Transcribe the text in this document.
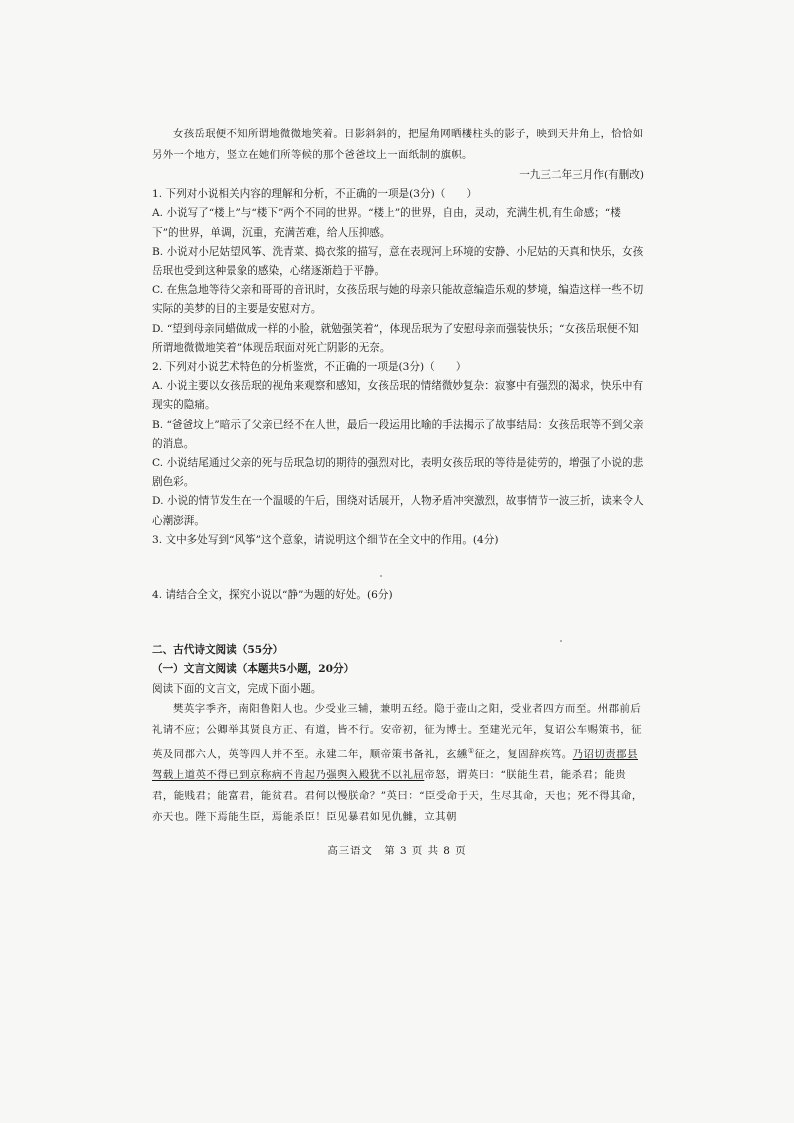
女孩岳珉便不知所谓地微微地笑着。日影斜斜的，把屋角网晒楼柱头的影子，映到天井角上，恰恰如另外一个地方，竖立在她们所等候的那个爸爸坟上一面纸制的旗帜。

一九三二年三月作(有删改)

1. 下列对小说相关内容的理解和分析，不正确的一项是(3分)（　　）

A. 小说写了“楼上”与“楼下”两个不同的世界。“楼上”的世界，自由，灵动，充满生机,有生命感；“楼下”的世界，单调，沉重，充满苦难，给人压抑感。

B. 小说对小尼姑望风筝、洗青菜、捣衣浆的描写，意在表现河上环境的安静、小尼姑的天真和快乐，女孩岳珉也受到这种景象的感染，心绪逐渐趋于平静。

C. 在焦急地等待父亲和哥哥的音讯时，女孩岳珉与她的母亲只能故意编造乐观的梦境，编造这样一些不切实际的美梦的目的主要是安慰对方。

D. “望到母亲同蜡做成一样的小脸，就勉强笑着”，体现岳珉为了安慰母亲而强装快乐；“女孩岳珉便不知所谓地微微地笑着”体现岳珉面对死亡阴影的无奈。

2. 下列对小说艺术特色的分析鉴赏，不正确的一项是(3分)（　　）

A. 小说主要以女孩岳珉的视角来观察和感知，女孩岳珉的情绪微妙复杂：寂寥中有强烈的渴求，快乐中有现实的隐痛。

B. “爸爸坟上”暗示了父亲已经不在人世，最后一段运用比喻的手法揭示了故事结局：女孩岳珉等不到父亲的消息。

C. 小说结尾通过父亲的死与岳珉急切的期待的强烈对比，表明女孩岳珉的等待是徒劳的，增强了小说的悲剧色彩。

D. 小说的情节发生在一个温暖的午后，围绕对话展开，人物矛盾冲突激烈，故事情节一波三折，读来令人心潮澎湃。

3. 文中多处写到“风筝”这个意象，请说明这个细节在全文中的作用。(4分)

4. 请结合全文，探究小说以“静”为题的好处。(6分)

二、古代诗文阅读（55分）

（一）文言文阅读（本题共5小题，20分）

阅读下面的文言文，完成下面小题。

樊英字季齐，南阳鲁阳人也。少受业三辅，兼明五经。隐于壶山之阳，受业者四方而至。州郡前后礼请不应；公卿举其贤良方正、有道，皆不行。安帝初，征为博士。至建光元年，复诏公车赐策书，征英及同郡六人，英等四人并不至。永建二年，顺帝策书备礼，玄纁①征之，复固辞疾笃。乃诏切责郡县驾载上道英不得已到京称病不肯起乃强舆入殿犹不以礼屈帝怒，谓英曰：“朕能生君，能杀君；能贵君，能贱君；能富君，能贫君。君何以慢朕命？”英曰：“臣受命于天，生尽其命，天也；死不得其命，亦天也。陛下焉能生臣，焉能杀臣！臣见暴君如见仇雠，立其朝

高三语文　第 3 页 共 8 页
